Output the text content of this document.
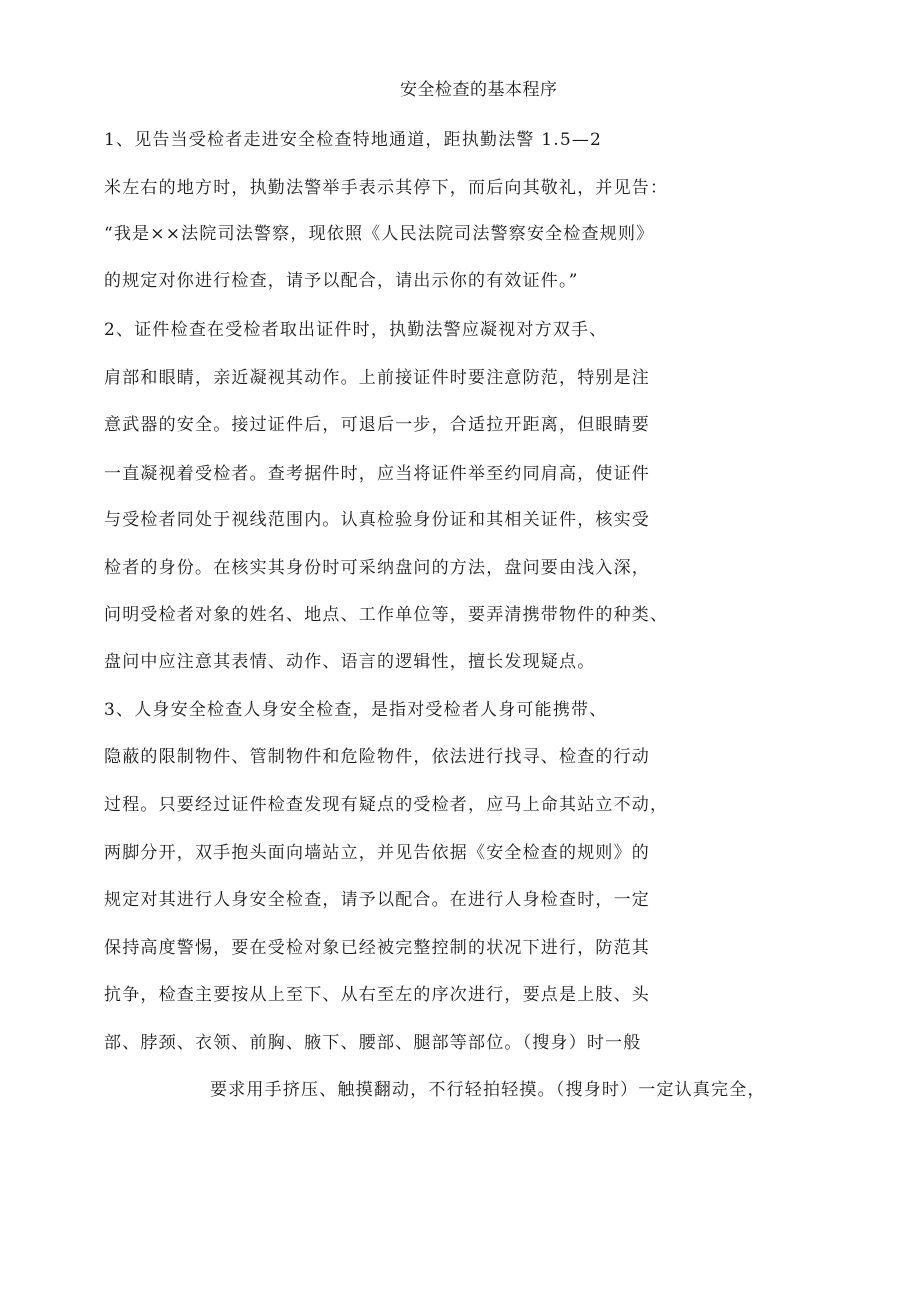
安全检查的基本程序
1、见告当受检者走进安全检查特地通道，距执勤法警 1.5—2
米左右的地方时，执勤法警举手表示其停下，而后向其敬礼，并见告：
“我是××法院司法警察，现依照《人民法院司法警察安全检查规则》
的规定对你进行检查，请予以配合，请出示你的有效证件。”
2、证件检查在受检者取出证件时，执勤法警应凝视对方双手、
肩部和眼睛，亲近凝视其动作。上前接证件时要注意防范，特别是注
意武器的安全。接过证件后，可退后一步，合适拉开距离，但眼睛要
一直凝视着受检者。查考据件时，应当将证件举至约同肩高，使证件
与受检者同处于视线范围内。认真检验身份证和其相关证件，核实受
检者的身份。在核实其身份时可采纳盘问的方法，盘问要由浅入深，
问明受检者对象的姓名、地点、工作单位等，要弄清携带物件的种类、
盘问中应注意其表情、动作、语言的逻辑性，擅长发现疑点。
3、人身安全检查人身安全检查，是指对受检者人身可能携带、
隐蔽的限制物件、管制物件和危险物件，依法进行找寻、检查的行动
过程。只要经过证件检查发现有疑点的受检者，应马上命其站立不动，
两脚分开，双手抱头面向墙站立，并见告依据《安全检查的规则》的
规定对其进行人身安全检查，请予以配合。在进行人身检查时，一定
保持高度警惕，要在受检对象已经被完整控制的状况下进行，防范其
抗争，检查主要按从上至下、从右至左的序次进行，要点是上肢、头
部、脖颈、衣领、前胸、腋下、腰部、腿部等部位。（搜身）时一般
要求用手挤压、触摸翻动，不行轻拍轻摸。（搜身时）一定认真完全，
